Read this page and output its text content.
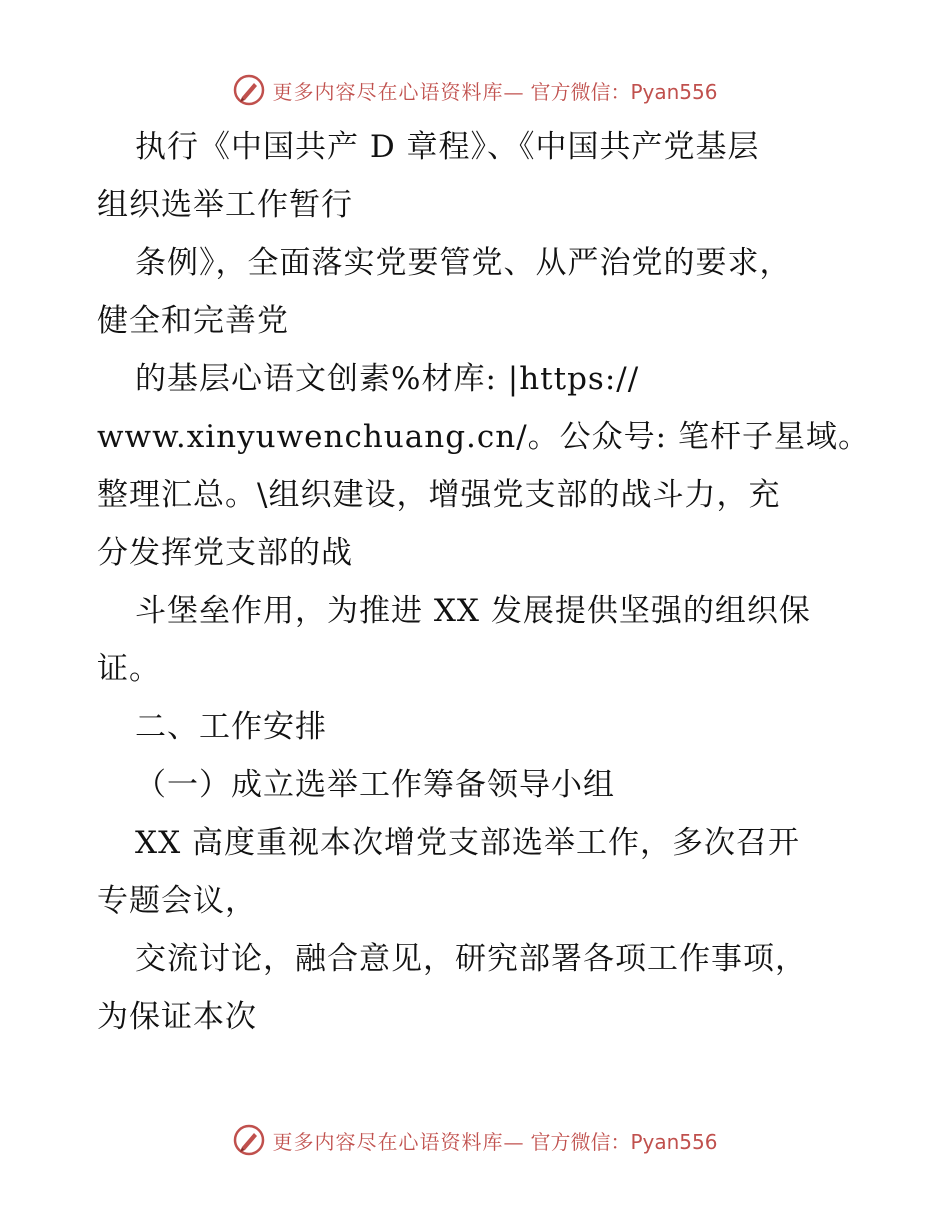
更多内容尽在心语资料库— 官方微信：Pyan556
执行《中国共产 D 章程》、《中国共产党基层
组织选举工作暂行
条例》，全面落实党要管党、从严治党的要求，
健全和完善党
的基层心语文创素%材库: |https://
www.xinyuwenchuang.cn/。公众号: 笔杆子星域。
整理汇总。\组织建设，增强党支部的战斗力，充
分发挥党支部的战
斗堡垒作用，为推进 XX 发展提供坚强的组织保
证。
二、工作安排
（一）成立选举工作筹备领导小组
XX 高度重视本次增党支部选举工作，多次召开
专题会议，
交流讨论，融合意见，研究部署各项工作事项，
为保证本次
更多内容尽在心语资料库— 官方微信：Pyan556
